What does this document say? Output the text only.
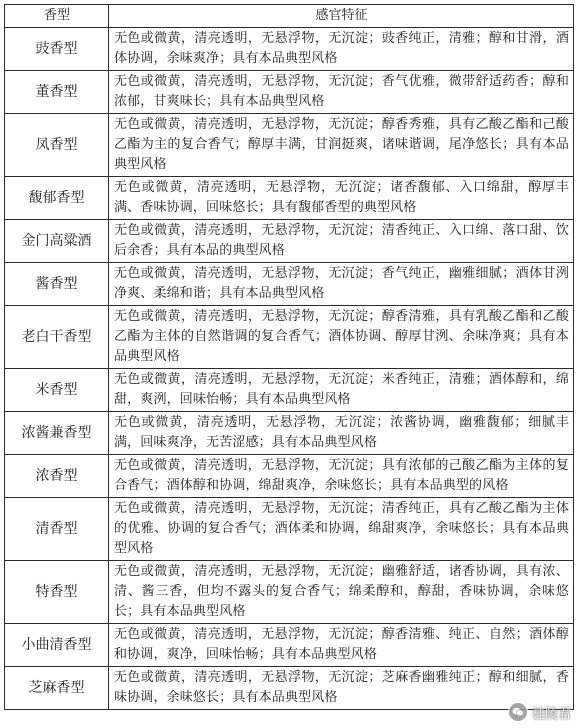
香型	感官特征
豉香型	无色或微黄，清亮透明，无悬浮物，无沉淀；豉香纯正，清雅；醇和甘滑，酒体协调，余味爽净；具有本品典型风格
董香型	无色或微黄，清亮透明，无悬浮物，无沉淀；香气优雅，微带舒适药香；醇和浓郁，甘爽味长；具有本品典型风格
凤香型	无色或微黄，清亮透明，无悬浮物，无沉淀；醇香秀雅，具有乙酸乙酯和己酸乙酯为主的复合香气；醇厚丰满，甘润挺爽，诸味谐调，尾净悠长；具有本品典型风格
馥郁香型	无色或微黄，清亮透明，无悬浮物，无沉淀；诸香馥郁、入口绵甜，醇厚丰满、香味协调，回味悠长；具有馥郁香型的典型风格
金门高粱酒	无色或微黄，清亮透明，无悬浮物，无沉淀；清香纯正、入口绵、落口甜、饮后余香；具有本品的典型风格
酱香型	无色或微黄，清亮透明，无悬浮物，无沉淀；香气纯正，幽雅细腻；酒体甘洌净爽、柔绵和谐；具有本品典型风格
老白干香型	无色或微黄，清亮透明，无悬浮物，无沉淀；醇香清雅，具有乳酸乙酯和乙酸乙酯为主体的自然谐调的复合香气；酒体协调、醇厚甘洌、余味净爽；具有本品典型风格
米香型	无色或微黄，清亮透明，无悬浮物，无沉淀；米香纯正，清雅；酒体醇和，绵甜，爽洌，回味怡畅；具有本品典型风格
浓酱兼香型	无色或微黄，清亮透明，无悬浮物，无沉淀；浓酱协调，幽雅馥郁；细腻丰满，回味爽净，无苦涩感；具有本品典型风格
浓香型	无色或微黄，清亮透明，无悬浮物，无沉淀；具有浓郁的己酸乙酯为主体的复合香气；酒体醇和协调，绵甜爽净，余味悠长；具有本品典型的风格
清香型	无色或微黄，清亮透明，无悬浮物，无沉淀；清香纯正，具有乙酸乙酯为主体的优雅、协调的复合香气；酒体柔和协调，绵甜爽净，余味悠长；具有本品典型风格
特香型	无色或微黄，清亮透明，无悬浮物，无沉淀；幽雅舒适，诸香协调，具有浓、清、酱三香，但均不露头的复合香气；绵柔醇和，醇甜，香味协调，余味悠长；具有本品典型风格
小曲清香型	无色或微黄，清亮透明，无悬浮物，无沉淀；醇香清雅、纯正、自然；酒体醇和协调，爽净，回味怡畅；具有本品典型风格
芝麻香型	无色或微黄，清亮透明，无悬浮物，无沉淀；芝麻香幽雅纯正；醇和细腻，香味协调，余味悠长；具有本品典型风格
桂陵君
